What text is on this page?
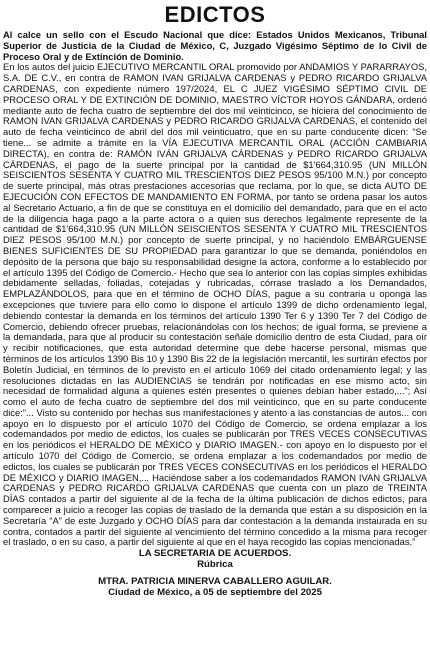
EDICTOS

Al calce un sello con el Escudo Nacional que dice: Estados Unidos Mexicanos, Tribunal Superior de Justicia de la Ciudad de México, C, Juzgado Vigésimo Séptimo de lo Civil de Proceso Oral y de Extinción de Dominio.

En los autos del juicio EJECUTIVO MERCANTIL ORAL promovido por ANDAMIOS Y PARARRAYOS, S.A. DE C.V., en contra de RAMON IVAN GRIJALVA CARDENAS y PEDRO RICARDO GRIJALVA CARDENAS, con expediente número 197/2024, EL C JUEZ VIGÉSIMO SÉPTIMO CIVIL DE PROCESO ORAL Y DE EXTINCIÓN DE DOMINIO, MAESTRO VÍCTOR HOYOS GÁNDARA, ordenó mediante auto de fecha cuatro de septiembre del dos mil veinticinco, se hiciera del conocimiento de RAMON IVAN GRIJALVA CARDENAS y PEDRO RICARDO GRIJALVA CARDENAS, el contenido del auto de fecha veinticinco de abril del dos mil veinticuatro, que en su parte conducente dicen: “Se tiene... se admite a trámite en la VÍA EJECUTIVA MERCANTIL ORAL (ACCIÓN CAMBIARIA DIRECTA), en contra de: RAMÓN IVÁN GRIJALVA CÁRDENAS y PEDRO RICARDO GRIJALVA CÁRDENAS, el pago de la suerte principal por la cantidad de $1'664,310.95 (UN MILLÓN SEISCIENTOS SESENTA Y CUATRO MIL TRESCIENTOS DIEZ PESOS 95/100 M.N.) por concepto de suerte principal, más otras prestaciones accesorias que reclama, por lo que, se dicta AUTO DE EJECUCIÓN CON EFECTOS DE MANDAMIENTO EN FORMA, por tanto se ordena pasar los autos al Secretario Actuario, a fin de que se constituya en el domicilio del demandado, para que en el acto de la diligencia haga pago a la parte actora o a quien sus derechos legalmente represente de la cantidad de $1'664,310.95 (UN MILLÓN SEISCIENTOS SESENTA Y CUATRO MIL TRESCIENTOS DIEZ PESOS 95/100 M.N.) por concepto de suerte principal, y no haciéndolo EMBÁRGUENSE BIENES SUFICIENTES DE SU PROPIEDAD para garantizar lo que se demanda, poniéndolos en depósito de la persona que bajo su responsabilidad designe la actora, conforme a lo establecido por el artículo 1395 del Código de Comercio.- Hecho que sea lo anterior con las copias simples exhibidas debidamente selladas, foliadas, cotejadas y rubricadas, córrase traslado a los Demandados, EMPLAZÁNDOLOS, para que en el término de OCHO DÍAS, pague a su contraria u oponga las excepciones que tuviere para ello como lo dispone el artículo 1399 de dicho ordenamiento legal, debiendo contestar la demanda en los términos del artículo 1390 Ter 6 y 1390 Ter 7 del Código de Comercio, debiendo ofrecer pruebas, relacionándolas con los hechos; de igual forma, se previene a la demandada, para que al producir su contestación señale domicilio dentro de esta Ciudad, para oír y recibir notificaciones, que esta autoridad determine que debe hacerse personal, mismas que términos de los artículos 1390 Bis 10 y 1390 Bis 22 de la legislación mercantil, les surtirán efectos por Boletín Judicial, en términos de lo previsto en el artículo 1069 del citado ordenamiento legal; y las resoluciones dictadas en las AUDIENCIAS se tendrán por notificadas en ese mismo acto, sin necesidad de formalidad alguna a quienes estén presentes o quienes debían haber estado,...”; Así como el auto de fecha cuatro de septiembre del dos mil veinticinco, que en su parte conducente dice:”... Visto su contenido por hechas sus manifestaciones y atento a las constancias de autos... con apoyo en lo dispuesto por el artículo 1070 del Código de Comercio, se ordena emplazar a los codemandados por medio de edictos, los cuales se publicarán por TRES VECES CONSECUTIVAS en los periódicos el HERALDO DE MÉXICO y DIARIO IMAGEN.- con apoyo en lo dispuesto por el artículo 1070 del Código de Comercio, se ordena emplazar a los codemandados por medio de edictos, los cuales se publicarán por TRES VECES CONSECUTIVAS en los periódicos el HERALDO DE MÉXICO y DIARIO IMAGEN,... Haciéndose saber a los codemandados RAMON IVAN GRIJALVA CARDENAS y PEDRO RICARDO GRIJALVA CARDENAS que cuenta con un plazo de TREINTA DÍAS contados a partir del siguiente al de la fecha de la última publicación de dichos edictos, para comparecer a juicio a recoger las copias de traslado de la demanda que están a su disposición en la Secretaría “A” de este Juzgado y OCHO DÍAS para dar contestación a la demanda instaurada en su contra, contados a partir del siguiente al vencimiento del término concedido a la misma para recoger el traslado, o en su caso, a partir del siguiente al que en el haya recogido las copias mencionadas.”

LA SECRETARIA DE ACUERDOS.

Rúbrica

MTRA. PATRICIA MINERVA CABALLERO AGUILAR.

Ciudad de México, a 05 de septiembre del 2025
